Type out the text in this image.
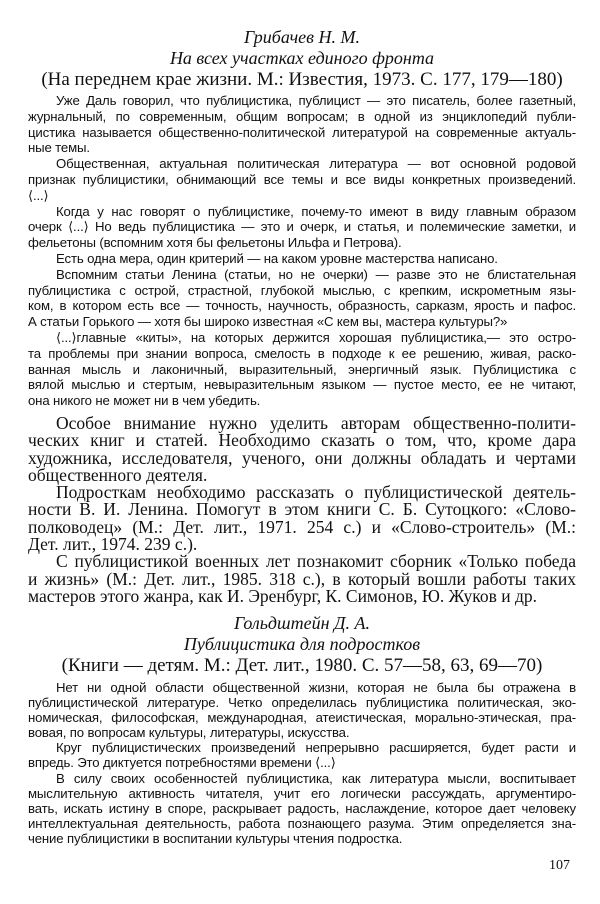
Грибачев Н. М.
На всех участках единого фронта
(На переднем крае жизни. М.: Известия, 1973. С. 177, 179—180)
Уже Даль говорил, что публицистика, публицист — это писатель, более газетный,
журнальный, по современным, общим вопросам; в одной из энциклопедий публи-
цистика называется общественно-политической литературой на современные актуаль-
ные темы.
Общественная, актуальная политическая литература — вот основной родовой
признак публицистики, обнимающий все темы и все виды конкретных произведений.
⟨...⟩
Когда у нас говорят о публицистике, почему-то имеют в виду главным образом
очерк ⟨...⟩ Но ведь публицистика — это и очерк, и статья, и полемические заметки, и
фельетоны (вспомним хотя бы фельетоны Ильфа и Петрова).
Есть одна мера, один критерий — на каком уровне мастерства написано.
Вспомним статьи Ленина (статьи, но не очерки) — разве это не блистательная
публицистика с острой, страстной, глубокой мыслью, с крепким, искрометным язы-
ком, в котором есть все — точность, научность, образность, сарказм, ярость и пафос.
А статьи Горького — хотя бы широко известная «С кем вы, мастера культуры?»
⟨...⟩главные «киты», на которых держится хорошая публицистика,— это остро-
та проблемы при знании вопроса, смелость в подходе к ее решению, живая, раско-
ванная мысль и лаконичный, выразительный, энергичный язык. Публицистика с
вялой мыслью и стертым, невыразительным языком — пустое место, ее не читают,
она никого не может ни в чем убедить.
Особое внимание нужно уделить авторам общественно-полити-
ческих книг и статей. Необходимо сказать о том, что, кроме дара
художника, исследователя, ученого, они должны обладать и чертами
общественного деятеля.
Подросткам необходимо рассказать о публицистической деятель-
ности В. И. Ленина. Помогут в этом книги С. Б. Сутоцкого: «Слово-
полководец» (М.: Дет. лит., 1971. 254 с.) и «Слово-строитель» (М.:
Дет. лит., 1974. 239 с.).
С публицистикой военных лет познакомит сборник «Только победа
и жизнь» (М.: Дет. лит., 1985. 318 с.), в который вошли работы таких
мастеров этого жанра, как И. Эренбург, К. Симонов, Ю. Жуков и др.
Гольдштейн Д. А.
Публицистика для подростков
(Книги — детям. М.: Дет. лит., 1980. С. 57—58, 63, 69—70)
Нет ни одной области общественной жизни, которая не была бы отражена в
публицистической литературе. Четко определилась публицистика политическая, эко-
номическая, философская, международная, атеистическая, морально-этическая, пра-
вовая, по вопросам культуры, литературы, искусства.
Круг публицистических произведений непрерывно расширяется, будет расти и
впредь. Это диктуется потребностями времени ⟨...⟩
В силу своих особенностей публицистика, как литература мысли, воспитывает
мыслительную активность читателя, учит его логически рассуждать, аргументиро-
вать, искать истину в споре, раскрывает радость, наслаждение, которое дает человеку
интеллектуальная деятельность, работа познающего разума. Этим определяется зна-
чение публицистики в воспитании культуры чтения подростка.
107
